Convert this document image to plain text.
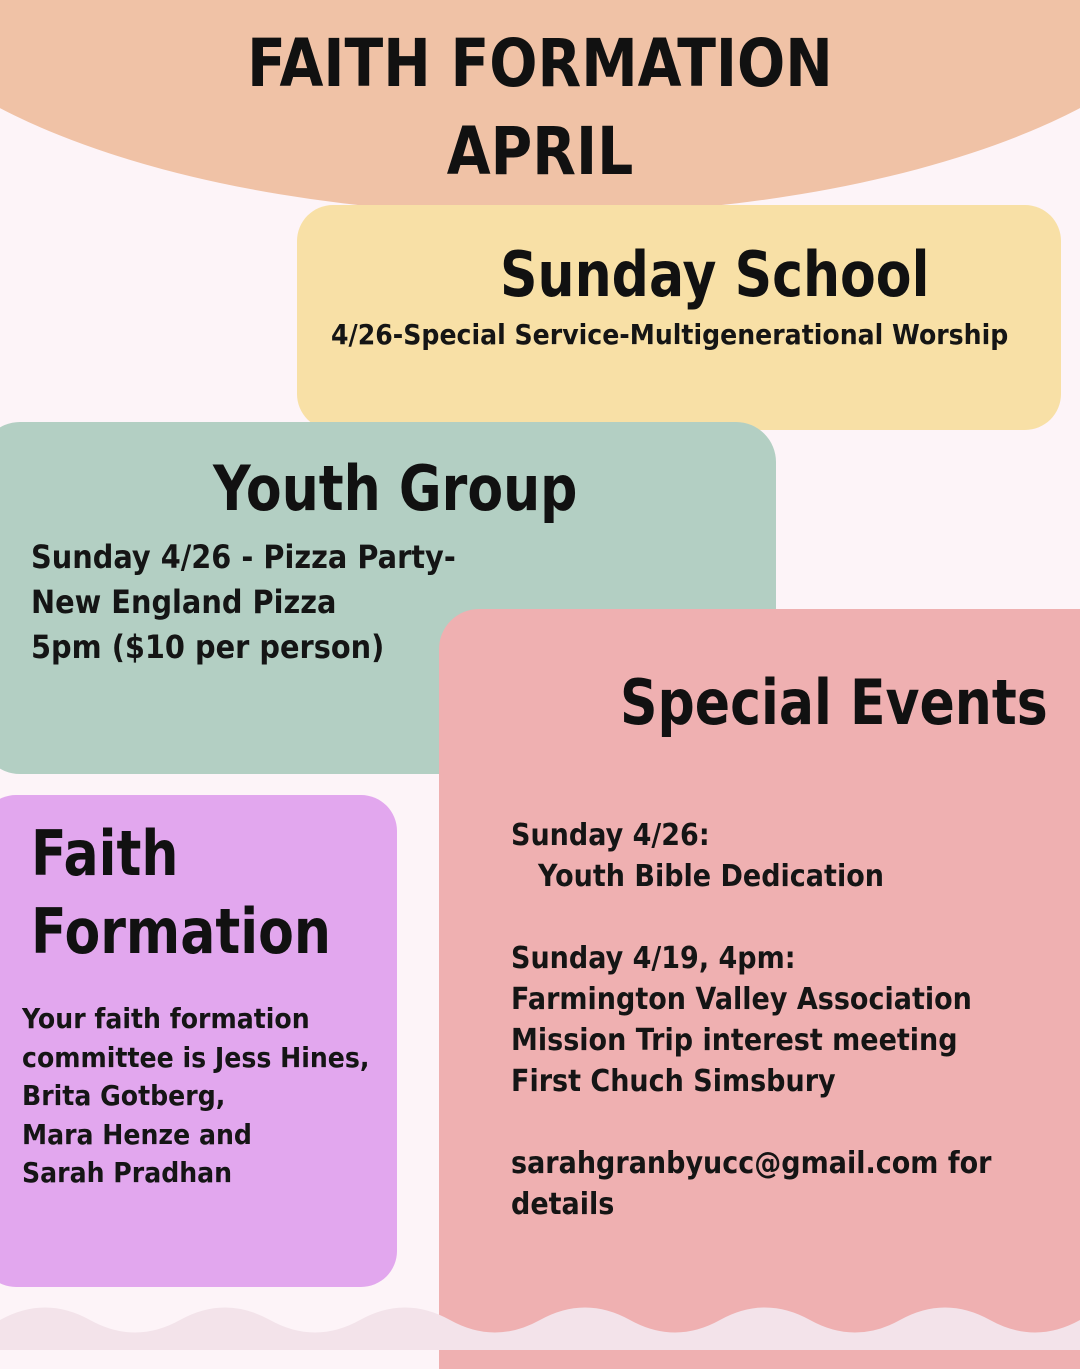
FAITH FORMATION
APRIL
Sunday School
4/26-Special Service-Multigenerational Worship
Youth Group
Sunday 4/26 - Pizza Party-
New England Pizza
5pm ($10 per person)
Special Events
Sunday 4/26:
Youth Bible Dedication
Sunday 4/19, 4pm:
Farmington Valley Association
Mission Trip interest meeting
First Chuch Simsbury
sarahgranbyucc@gmail.com for
details
Faith
Formation
Your faith formation
committee is Jess Hines,
Brita Gotberg,
Mara Henze and
Sarah Pradhan
